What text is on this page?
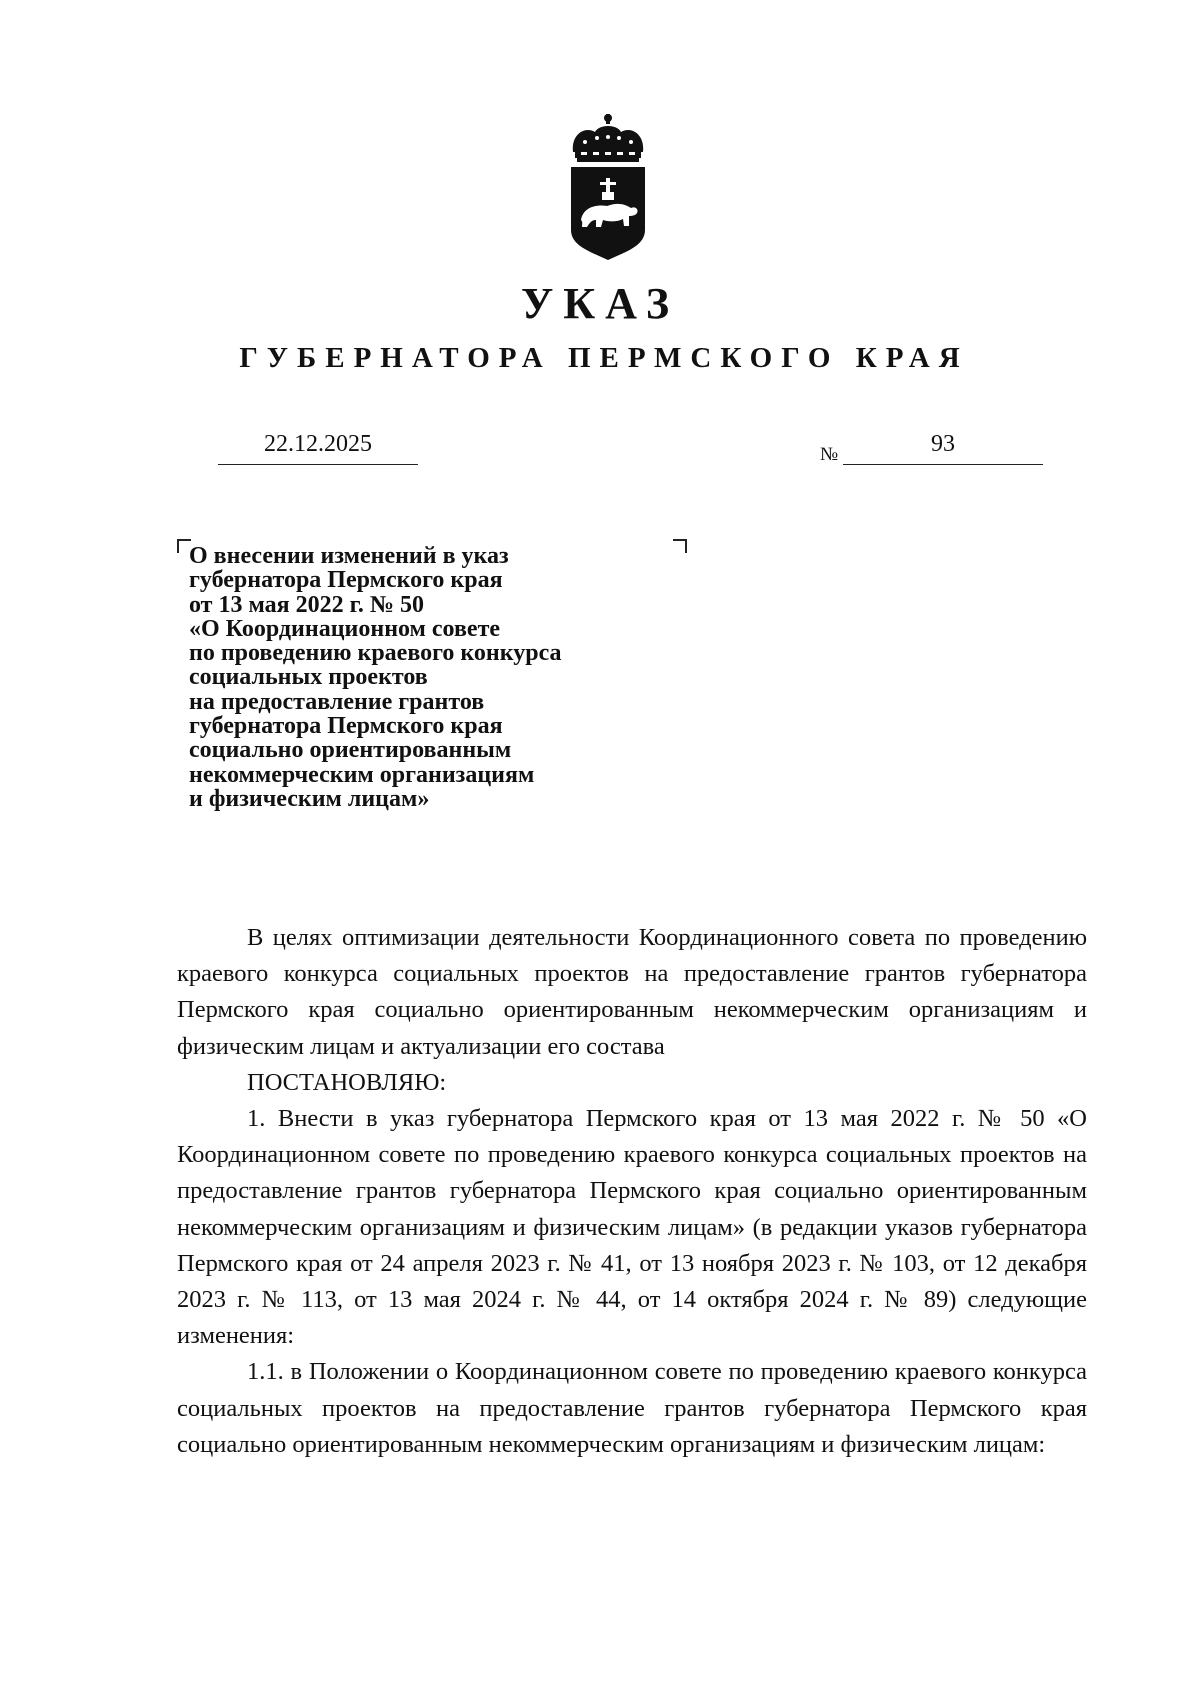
УКАЗ
ГУБЕРНАТОРА ПЕРМСКОГО КРАЯ
22.12.2025	№	93
О внесении изменений в указ
губернатора Пермского края
от 13 мая 2022 г. № 50
«О Координационном совете
по проведению краевого конкурса
социальных проектов
на предоставление грантов
губернатора Пермского края
социально ориентированным
некоммерческим организациям
и физическим лицам»

В целях оптимизации деятельности Координационного совета по проведению краевого конкурса социальных проектов на предоставление грантов губернатора Пермского края социально ориентированным некоммерческим организациям и физическим лицам и актуализации его состава

ПОСТАНОВЛЯЮ:

1. Внести в указ губернатора Пермского края от 13 мая 2022 г. № 50 «О Координационном совете по проведению краевого конкурса социальных проектов на предоставление грантов губернатора Пермского края социально ориентированным некоммерческим организациям и физическим лицам» (в редакции указов губернатора Пермского края от 24 апреля 2023 г. № 41, от 13 ноября 2023 г. № 103, от 12 декабря 2023 г. № 113, от 13 мая 2024 г. № 44, от 14 октября 2024 г. № 89) следующие изменения:

1.1. в Положении о Координационном совете по проведению краевого конкурса социальных проектов на предоставление грантов губернатора Пермского края социально ориентированным некоммерческим организациям и физическим лицам:
